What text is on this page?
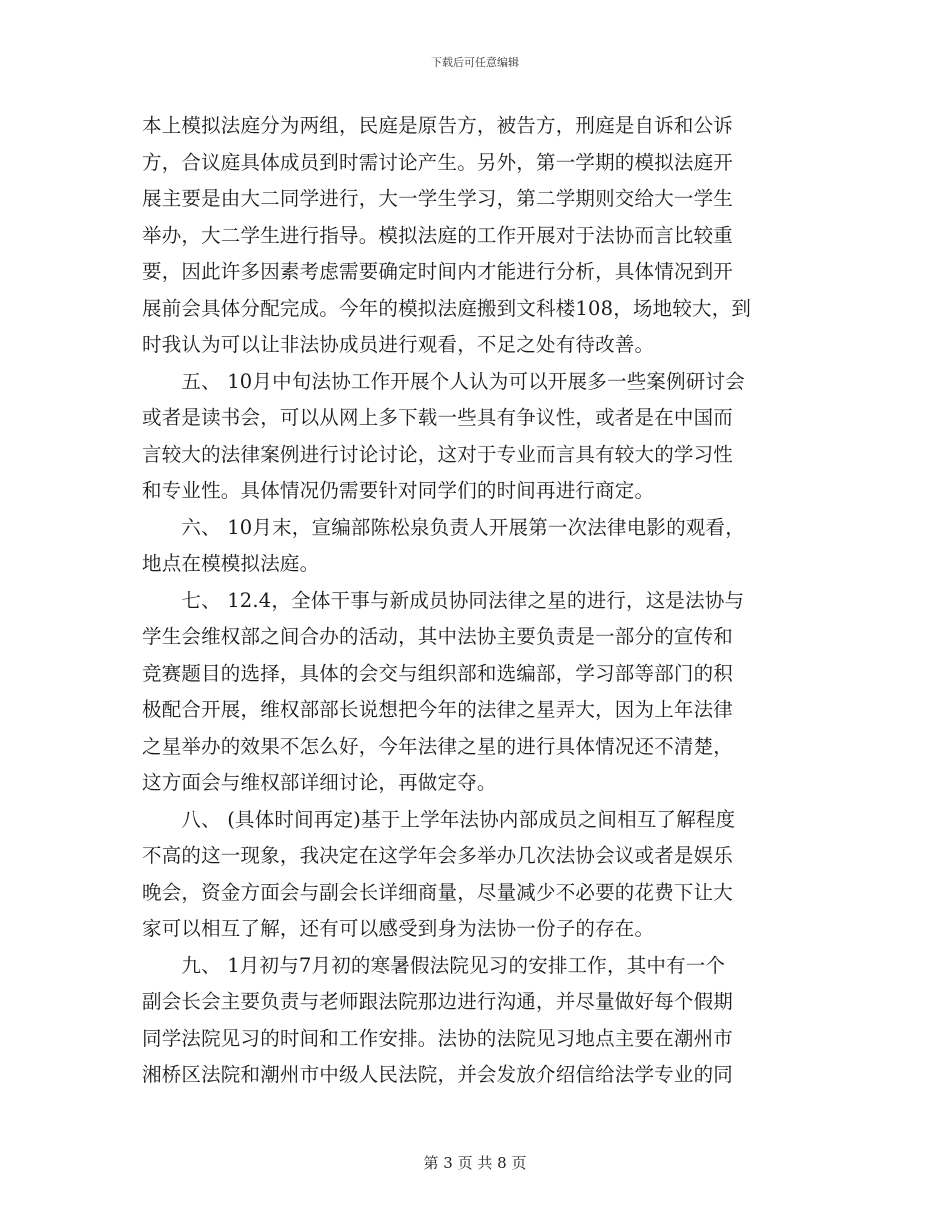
下载后可任意编辑
本上模拟法庭分为两组，民庭是原告方，被告方，刑庭是自诉和公诉
方，合议庭具体成员到时需讨论产生。另外，第一学期的模拟法庭开
展主要是由大二同学进行，大一学生学习，第二学期则交给大一学生
举办，大二学生进行指导。模拟法庭的工作开展对于法协而言比较重
要，因此许多因素考虑需要确定时间内才能进行分析，具体情况到开
展前会具体分配完成。今年的模拟法庭搬到文科楼108，场地较大，到
时我认为可以让非法协成员进行观看，不足之处有待改善。
　　五、 10月中旬法协工作开展个人认为可以开展多一些案例研讨会
或者是读书会，可以从网上多下载一些具有争议性，或者是在中国而
言较大的法律案例进行讨论讨论，这对于专业而言具有较大的学习性
和专业性。具体情况仍需要针对同学们的时间再进行商定。
　　六、 10月末，宣编部陈松泉负责人开展第一次法律电影的观看，
地点在模模拟法庭。
　　七、 12.4，全体干事与新成员协同法律之星的进行，这是法协与
学生会维权部之间合办的活动，其中法协主要负责是一部分的宣传和
竞赛题目的选择，具体的会交与组织部和选编部，学习部等部门的积
极配合开展，维权部部长说想把今年的法律之星弄大，因为上年法律
之星举办的效果不怎么好，今年法律之星的进行具体情况还不清楚，
这方面会与维权部详细讨论，再做定夺。
　　八、 (具体时间再定)基于上学年法协内部成员之间相互了解程度
不高的这一现象，我决定在这学年会多举办几次法协会议或者是娱乐
晚会，资金方面会与副会长详细商量，尽量减少不必要的花费下让大
家可以相互了解，还有可以感受到身为法协一份子的存在。
　　九、 1月初与7月初的寒暑假法院见习的安排工作，其中有一个
副会长会主要负责与老师跟法院那边进行沟通，并尽量做好每个假期
同学法院见习的时间和工作安排。法协的法院见习地点主要在潮州市
湘桥区法院和潮州市中级人民法院，并会发放介绍信给法学专业的同
第 3 页 共 8 页
